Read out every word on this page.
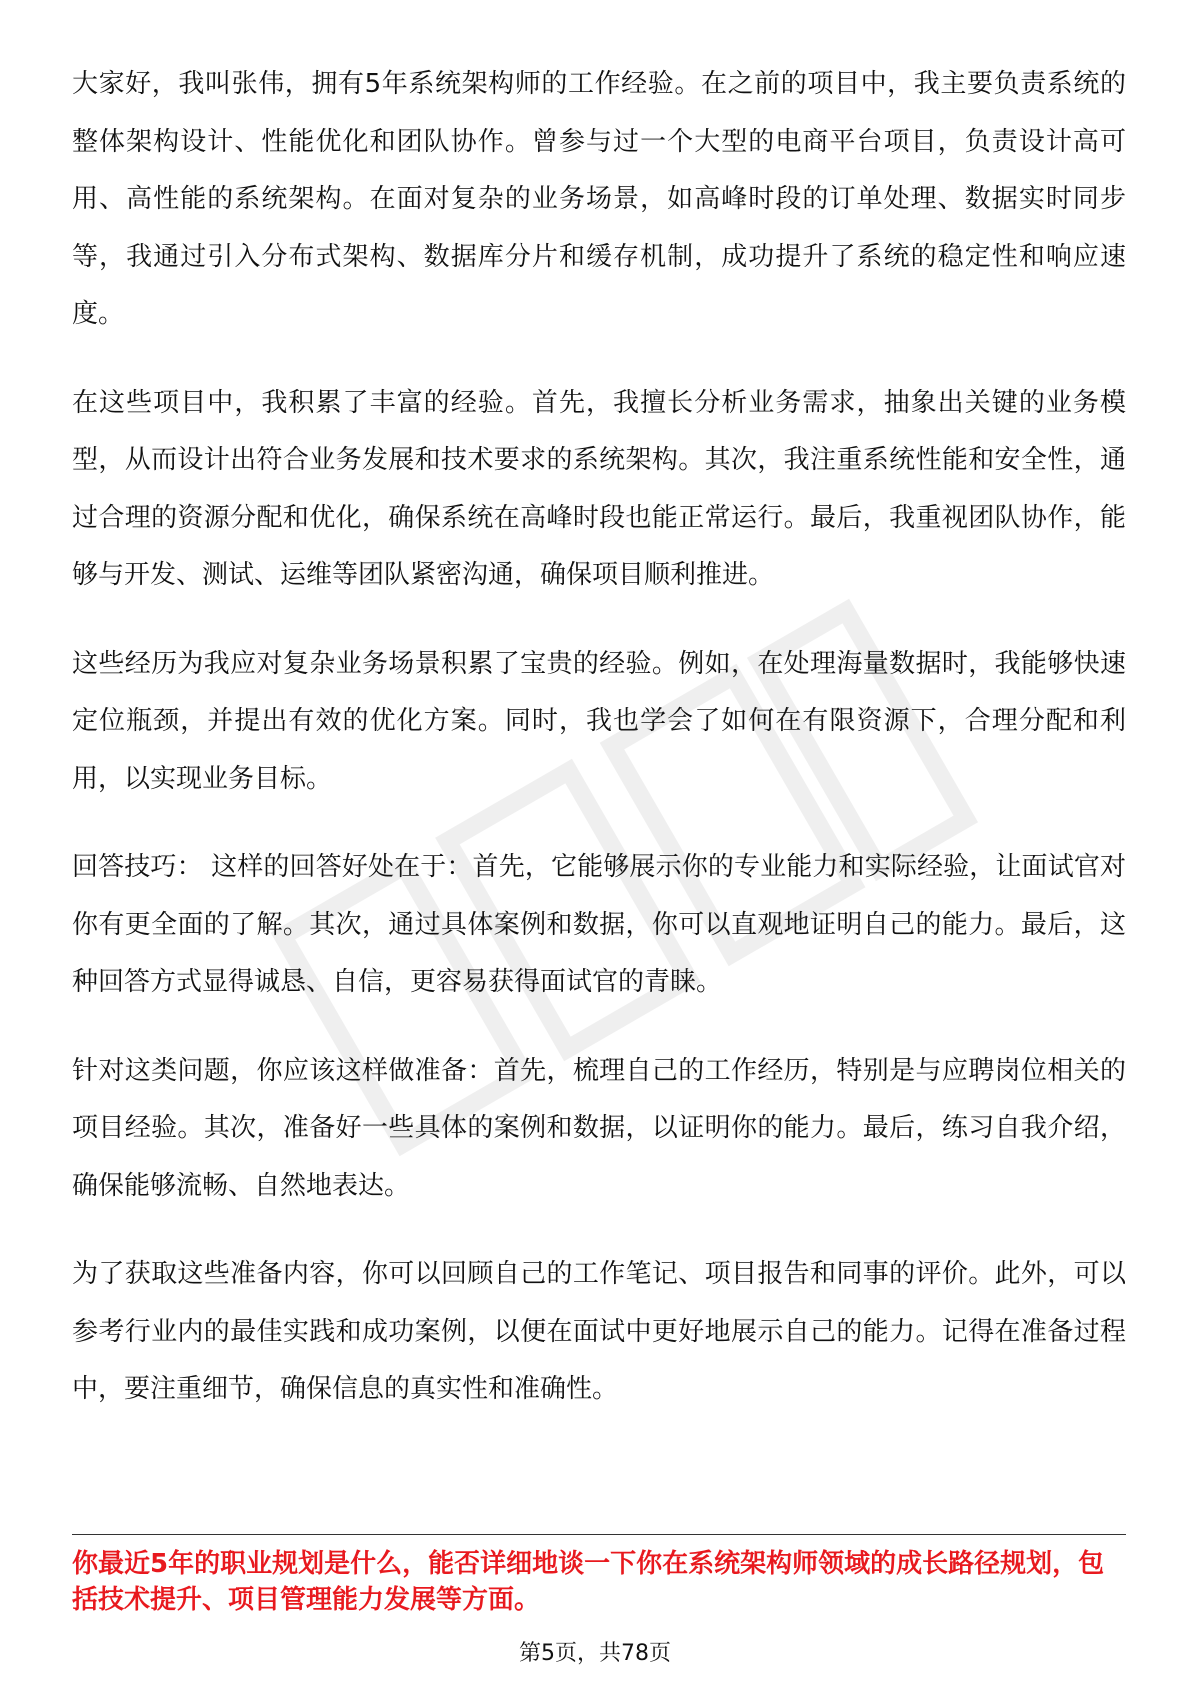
大家好，我叫张伟，拥有5年系统架构师的工作经验。在之前的项目中，我主要负责系统的整体架构设计、性能优化和团队协作。曾参与过一个大型的电商平台项目，负责设计高可用、高性能的系统架构。在面对复杂的业务场景，如高峰时段的订单处理、数据实时同步等，我通过引入分布式架构、数据库分片和缓存机制，成功提升了系统的稳定性和响应速度。

在这些项目中，我积累了丰富的经验。首先，我擅长分析业务需求，抽象出关键的业务模型，从而设计出符合业务发展和技术要求的系统架构。其次，我注重系统性能和安全性，通过合理的资源分配和优化，确保系统在高峰时段也能正常运行。最后，我重视团队协作，能够与开发、测试、运维等团队紧密沟通，确保项目顺利推进。

这些经历为我应对复杂业务场景积累了宝贵的经验。例如，在处理海量数据时，我能够快速定位瓶颈，并提出有效的优化方案。同时，我也学会了如何在有限资源下，合理分配和利用，以实现业务目标。

回答技巧： 这样的回答好处在于：首先，它能够展示你的专业能力和实际经验，让面试官对你有更全面的了解。其次，通过具体案例和数据，你可以直观地证明自己的能力。最后，这种回答方式显得诚恳、自信，更容易获得面试官的青睐。

针对这类问题，你应该这样做准备：首先，梳理自己的工作经历，特别是与应聘岗位相关的项目经验。其次，准备好一些具体的案例和数据，以证明你的能力。最后，练习自我介绍，确保能够流畅、自然地表达。

为了获取这些准备内容，你可以回顾自己的工作笔记、项目报告和同事的评价。此外，可以参考行业内的最佳实践和成功案例，以便在面试中更好地展示自己的能力。记得在准备过程中，要注重细节，确保信息的真实性和准确性。

你最近5年的职业规划是什么，能否详细地谈一下你在系统架构师领域的成长路径规划，包括技术提升、项目管理能力发展等方面。
第5页，共78页
